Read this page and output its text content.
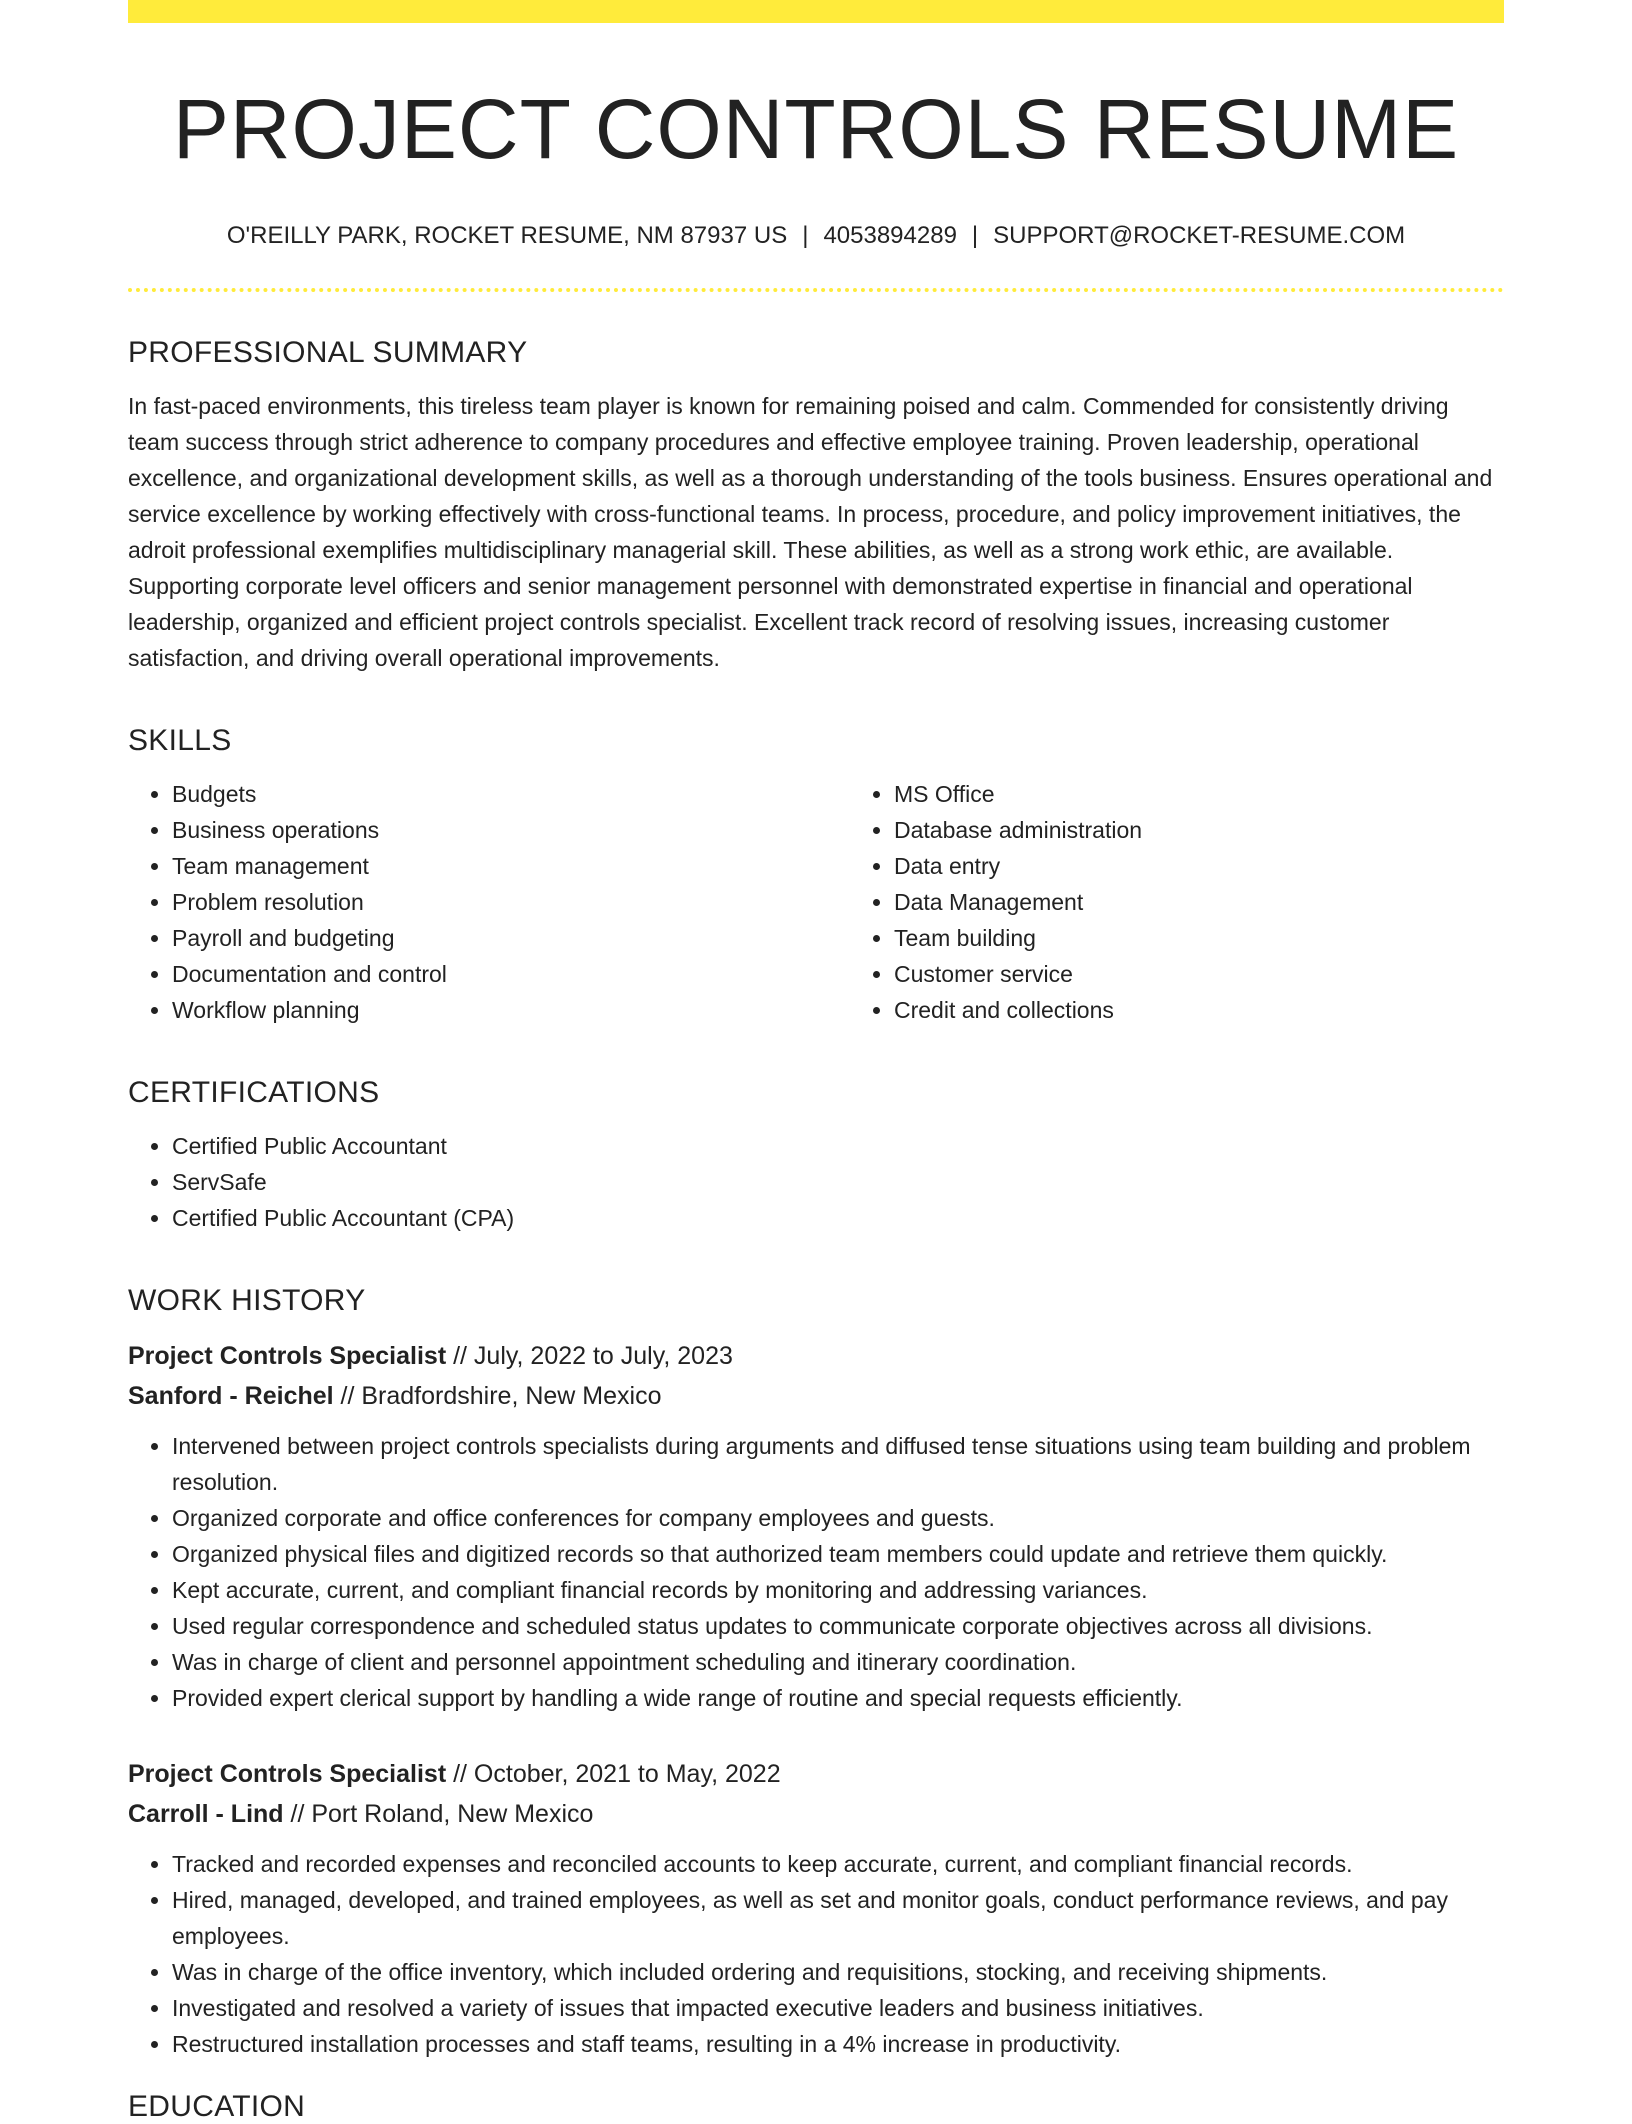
PROJECT CONTROLS RESUME
O'REILLY PARK, ROCKET RESUME, NM 87937 US | 4053894289 | SUPPORT@ROCKET-RESUME.COM
PROFESSIONAL SUMMARY

In fast-paced environments, this tireless team player is known for remaining poised and calm. Commended for consistently driving team success through strict adherence to company procedures and effective employee training. Proven leadership, operational excellence, and organizational development skills, as well as a thorough understanding of the tools business. Ensures operational and service excellence by working effectively with cross-functional teams. In process, procedure, and policy improvement initiatives, the adroit professional exemplifies multidisciplinary managerial skill. These abilities, as well as a strong work ethic, are available. Supporting corporate level officers and senior management personnel with demonstrated expertise in financial and operational leadership, organized and efficient project controls specialist. Excellent track record of resolving issues, increasing customer satisfaction, and driving overall operational improvements.

SKILLS
• Budgets
• Business operations
• Team management
• Problem resolution
• Payroll and budgeting
• Documentation and control
• Workflow planning
• MS Office
• Database administration
• Data entry
• Data Management
• Team building
• Customer service
• Credit and collections
CERTIFICATIONS
• Certified Public Accountant
• ServSafe
• Certified Public Accountant (CPA)
WORK HISTORY
Project Controls Specialist // July, 2022 to July, 2023
Sanford - Reichel // Bradfordshire, New Mexico
• Intervened between project controls specialists during arguments and diffused tense situations using team building and problem resolution.
• Organized corporate and office conferences for company employees and guests.
• Organized physical files and digitized records so that authorized team members could update and retrieve them quickly.
• Kept accurate, current, and compliant financial records by monitoring and addressing variances.
• Used regular correspondence and scheduled status updates to communicate corporate objectives across all divisions.
• Was in charge of client and personnel appointment scheduling and itinerary coordination.
• Provided expert clerical support by handling a wide range of routine and special requests efficiently.
Project Controls Specialist // October, 2021 to May, 2022
Carroll - Lind // Port Roland, New Mexico
• Tracked and recorded expenses and reconciled accounts to keep accurate, current, and compliant financial records.
• Hired, managed, developed, and trained employees, as well as set and monitor goals, conduct performance reviews, and pay employees.
• Was in charge of the office inventory, which included ordering and requisitions, stocking, and receiving shipments.
• Investigated and resolved a variety of issues that impacted executive leaders and business initiatives.
• Restructured installation processes and staff teams, resulting in a 4% increase in productivity.
EDUCATION
